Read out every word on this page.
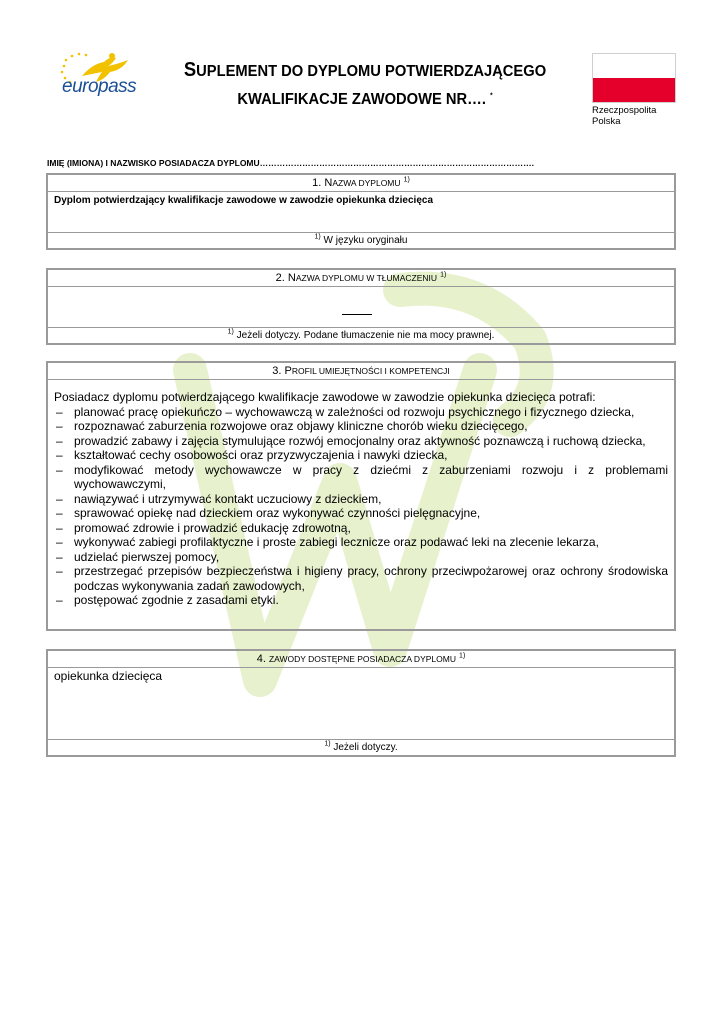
europass
SUPLEMENT DO DYPLOMU POTWIERDZAJĄCEGO
KWALIFIKACJE ZAWODOWE NR…. *
Rzeczpospolita
Polska
IMIĘ (IMIONA) I NAZWISKO POSIADACZA DYPLOMU…………………………………………………………………………………….
1. NAZWA DYPLOMU $^{1)}$
Dyplom potwierdzający kwalifikacje zawodowe w zawodzie opiekunka dziecięca
$^{1)}$ W języku oryginału
2. NAZWA DYPLOMU W TŁUMACZENIU $^{1)}$
$^{1)}$ Jeżeli dotyczy. Podane tłumaczenie nie ma mocy prawnej.
3. PROFIL UMIEJĘTNOŚCI I KOMPETENCJI
Posiadacz dyplomu potwierdzającego kwalifikacje zawodowe w zawodzie opiekunka dziecięca potrafi:
– planować pracę opiekuńczo – wychowawczą w zależności od rozwoju psychicznego i fizycznego dziecka,
– rozpoznawać zaburzenia rozwojowe oraz objawy kliniczne chorób wieku dziecięcego,
– prowadzić zabawy i zajęcia stymulujące rozwój emocjonalny oraz aktywność poznawczą i ruchową dziecka,
– kształtować cechy osobowości oraz przyzwyczajenia i nawyki dziecka,
– modyfikować metody wychowawcze w pracy z dziećmi z zaburzeniami rozwoju i z problemami wychowawczymi,
– nawiązywać i utrzymywać kontakt uczuciowy z dzieckiem,
– sprawować opiekę nad dzieckiem oraz wykonywać czynności pielęgnacyjne,
– promować zdrowie i prowadzić edukację zdrowotną,
– wykonywać zabiegi profilaktyczne i proste zabiegi lecznicze oraz podawać leki na zlecenie lekarza,
– udzielać pierwszej pomocy,
– przestrzegać przepisów bezpieczeństwa i higieny pracy, ochrony przeciwpożarowej oraz ochrony środowiska podczas wykonywania zadań zawodowych,
– postępować zgodnie z zasadami etyki.
4. ZAWODY DOSTĘPNE POSIADACZA DYPLOMU $^{1)}$
opiekunka dziecięca
$^{1)}$ Jeżeli dotyczy.
